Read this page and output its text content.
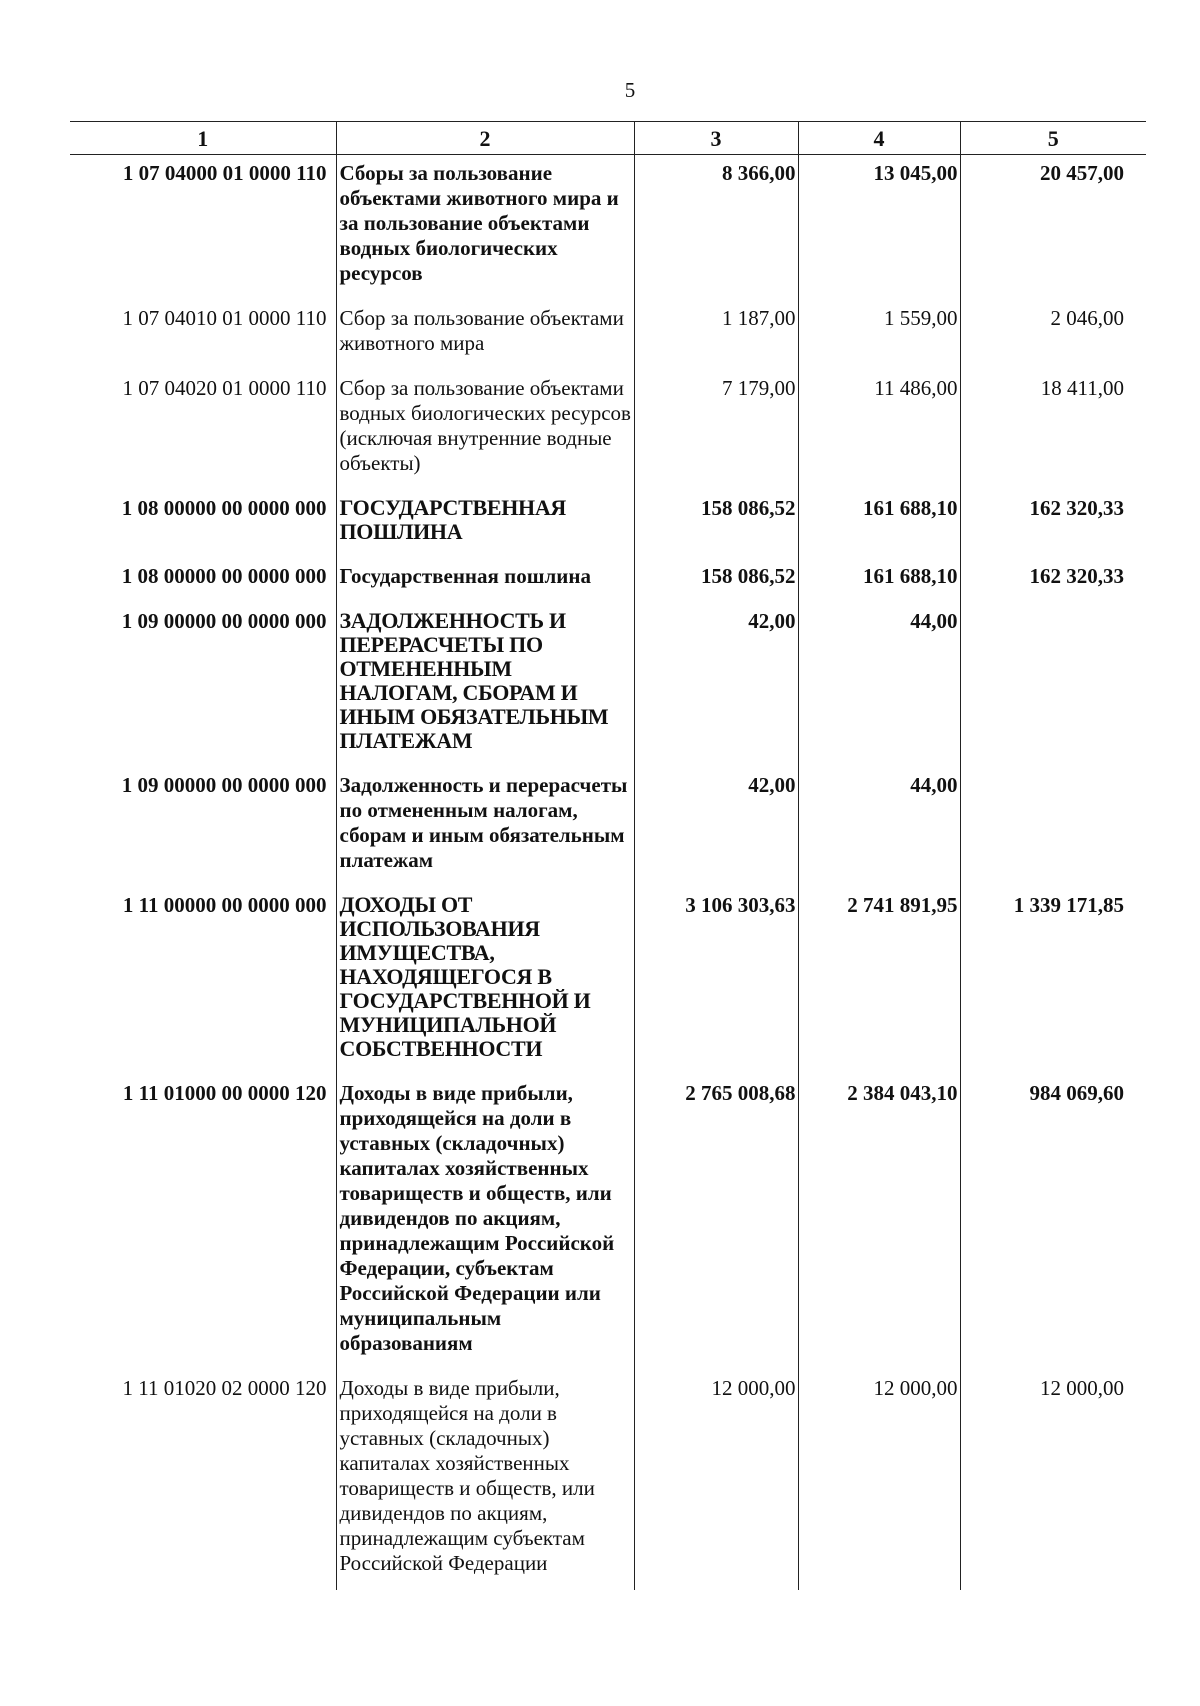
5
1	2	3	4	5
1 07 04000 01 0000 110	Сборы за пользование объектами животного мира и за пользование объектами водных биологических ресурсов	8 366,00	13 045,00	20 457,00
1 07 04010 01 0000 110	Сбор за пользование объектами животного мира	1 187,00	1 559,00	2 046,00
1 07 04020 01 0000 110	Сбор за пользование объектами водных биологических ресурсов (исключая внутренние водные объекты)	7 179,00	11 486,00	18 411,00
1 08 00000 00 0000 000	ГОСУДАРСТВЕННАЯ ПОШЛИНА	158 086,52	161 688,10	162 320,33
1 08 00000 00 0000 000	Государственная пошлина	158 086,52	161 688,10	162 320,33
1 09 00000 00 0000 000	ЗАДОЛЖЕННОСТЬ И ПЕРЕРАСЧЕТЫ ПО ОТМЕНЕННЫМ НАЛОГАМ, СБОРАМ И ИНЫМ ОБЯЗАТЕЛЬНЫМ ПЛАТЕЖАМ	42,00	44,00	
1 09 00000 00 0000 000	Задолженность и перерасчеты по отмененным налогам, сборам и иным обязательным платежам	42,00	44,00	
1 11 00000 00 0000 000	ДОХОДЫ ОТ ИСПОЛЬЗОВАНИЯ ИМУЩЕСТВА, НАХОДЯЩЕГОСЯ В ГОСУДАРСТВЕННОЙ И МУНИЦИПАЛЬНОЙ СОБСТВЕННОСТИ	3 106 303,63	2 741 891,95	1 339 171,85
1 11 01000 00 0000 120	Доходы в виде прибыли, приходящейся на доли в уставных (складочных) капиталах хозяйственных товариществ и обществ, или дивидендов по акциям, принадлежащим Российской Федерации, субъектам Российской Федерации или муниципальным образованиям	2 765 008,68	2 384 043,10	984 069,60
1 11 01020 02 0000 120	Доходы в виде прибыли, приходящейся на доли в уставных (складочных) капиталах хозяйственных товариществ и обществ, или дивидендов по акциям, принадлежащим субъектам Российской Федерации	12 000,00	12 000,00	12 000,00
